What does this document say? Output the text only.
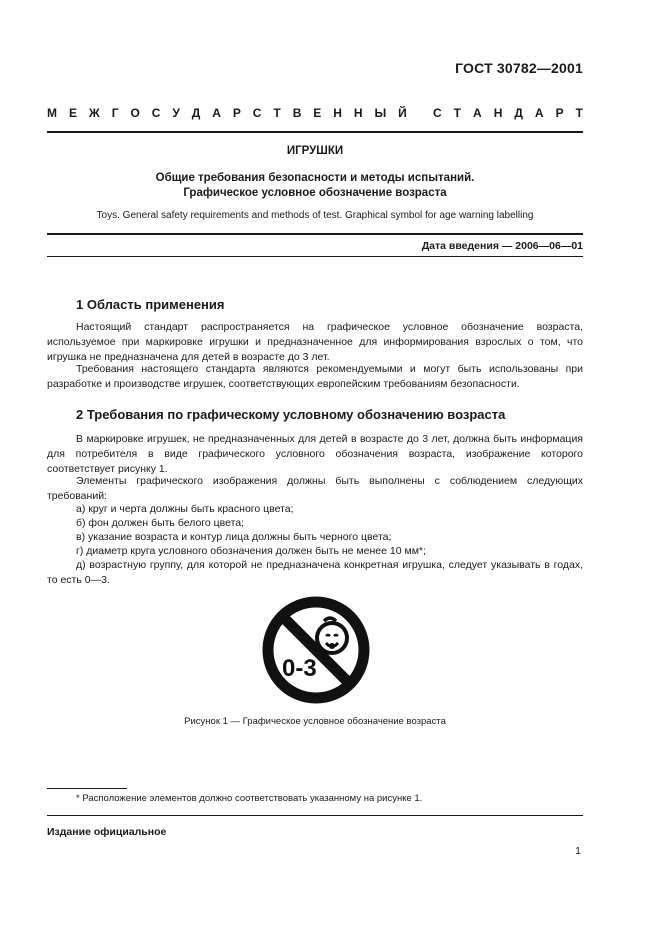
ГОСТ 30782—2001
М Е Ж Г О С У Д А Р С Т В Е Н Н Ы Й С Т А Н Д А Р Т
ИГРУШКИ
Общие требования безопасности и методы испытаний.
Графическое условное обозначение возраста
Toys. General safety requirements and methods of test. Graphical symbol for age warning labelling
Дата введения — 2006—06—01
1 Область применения
Настоящий стандарт распространяется на графическое условное обозначение возраста, используемое при маркировке игрушки и предназначенное для информирования взрослых о том, что игрушка не предназначена для детей в возрасте до 3 лет.
Требования настоящего стандарта являются рекомендуемыми и могут быть использованы при разработке и производстве игрушек, соответствующих европейским требованиям безопасности.
2 Требования по графическому условному обозначению возраста
В маркировке игрушек, не предназначенных для детей в возрасте до 3 лет, должна быть информация для потребителя в виде графического условного обозначения возраста, изображение которого соответствует рисунку 1.
Элементы графического изображения должны быть выполнены с соблюдением следующих требований:
а) круг и черта должны быть красного цвета;
б) фон должен быть белого цвета;
в) указание возраста и контур лица должны быть черного цвета;
г) диаметр круга условного обозначения должен быть не менее 10 мм*;
д) возрастную группу, для которой не предназначена конкретная игрушка, следует указывать в годах, то есть 0—3.
0-3
Рисунок 1 — Графическое условное обозначение возраста
* Расположение элементов должно соответствовать указанному на рисунке 1.
Издание официальное
1
